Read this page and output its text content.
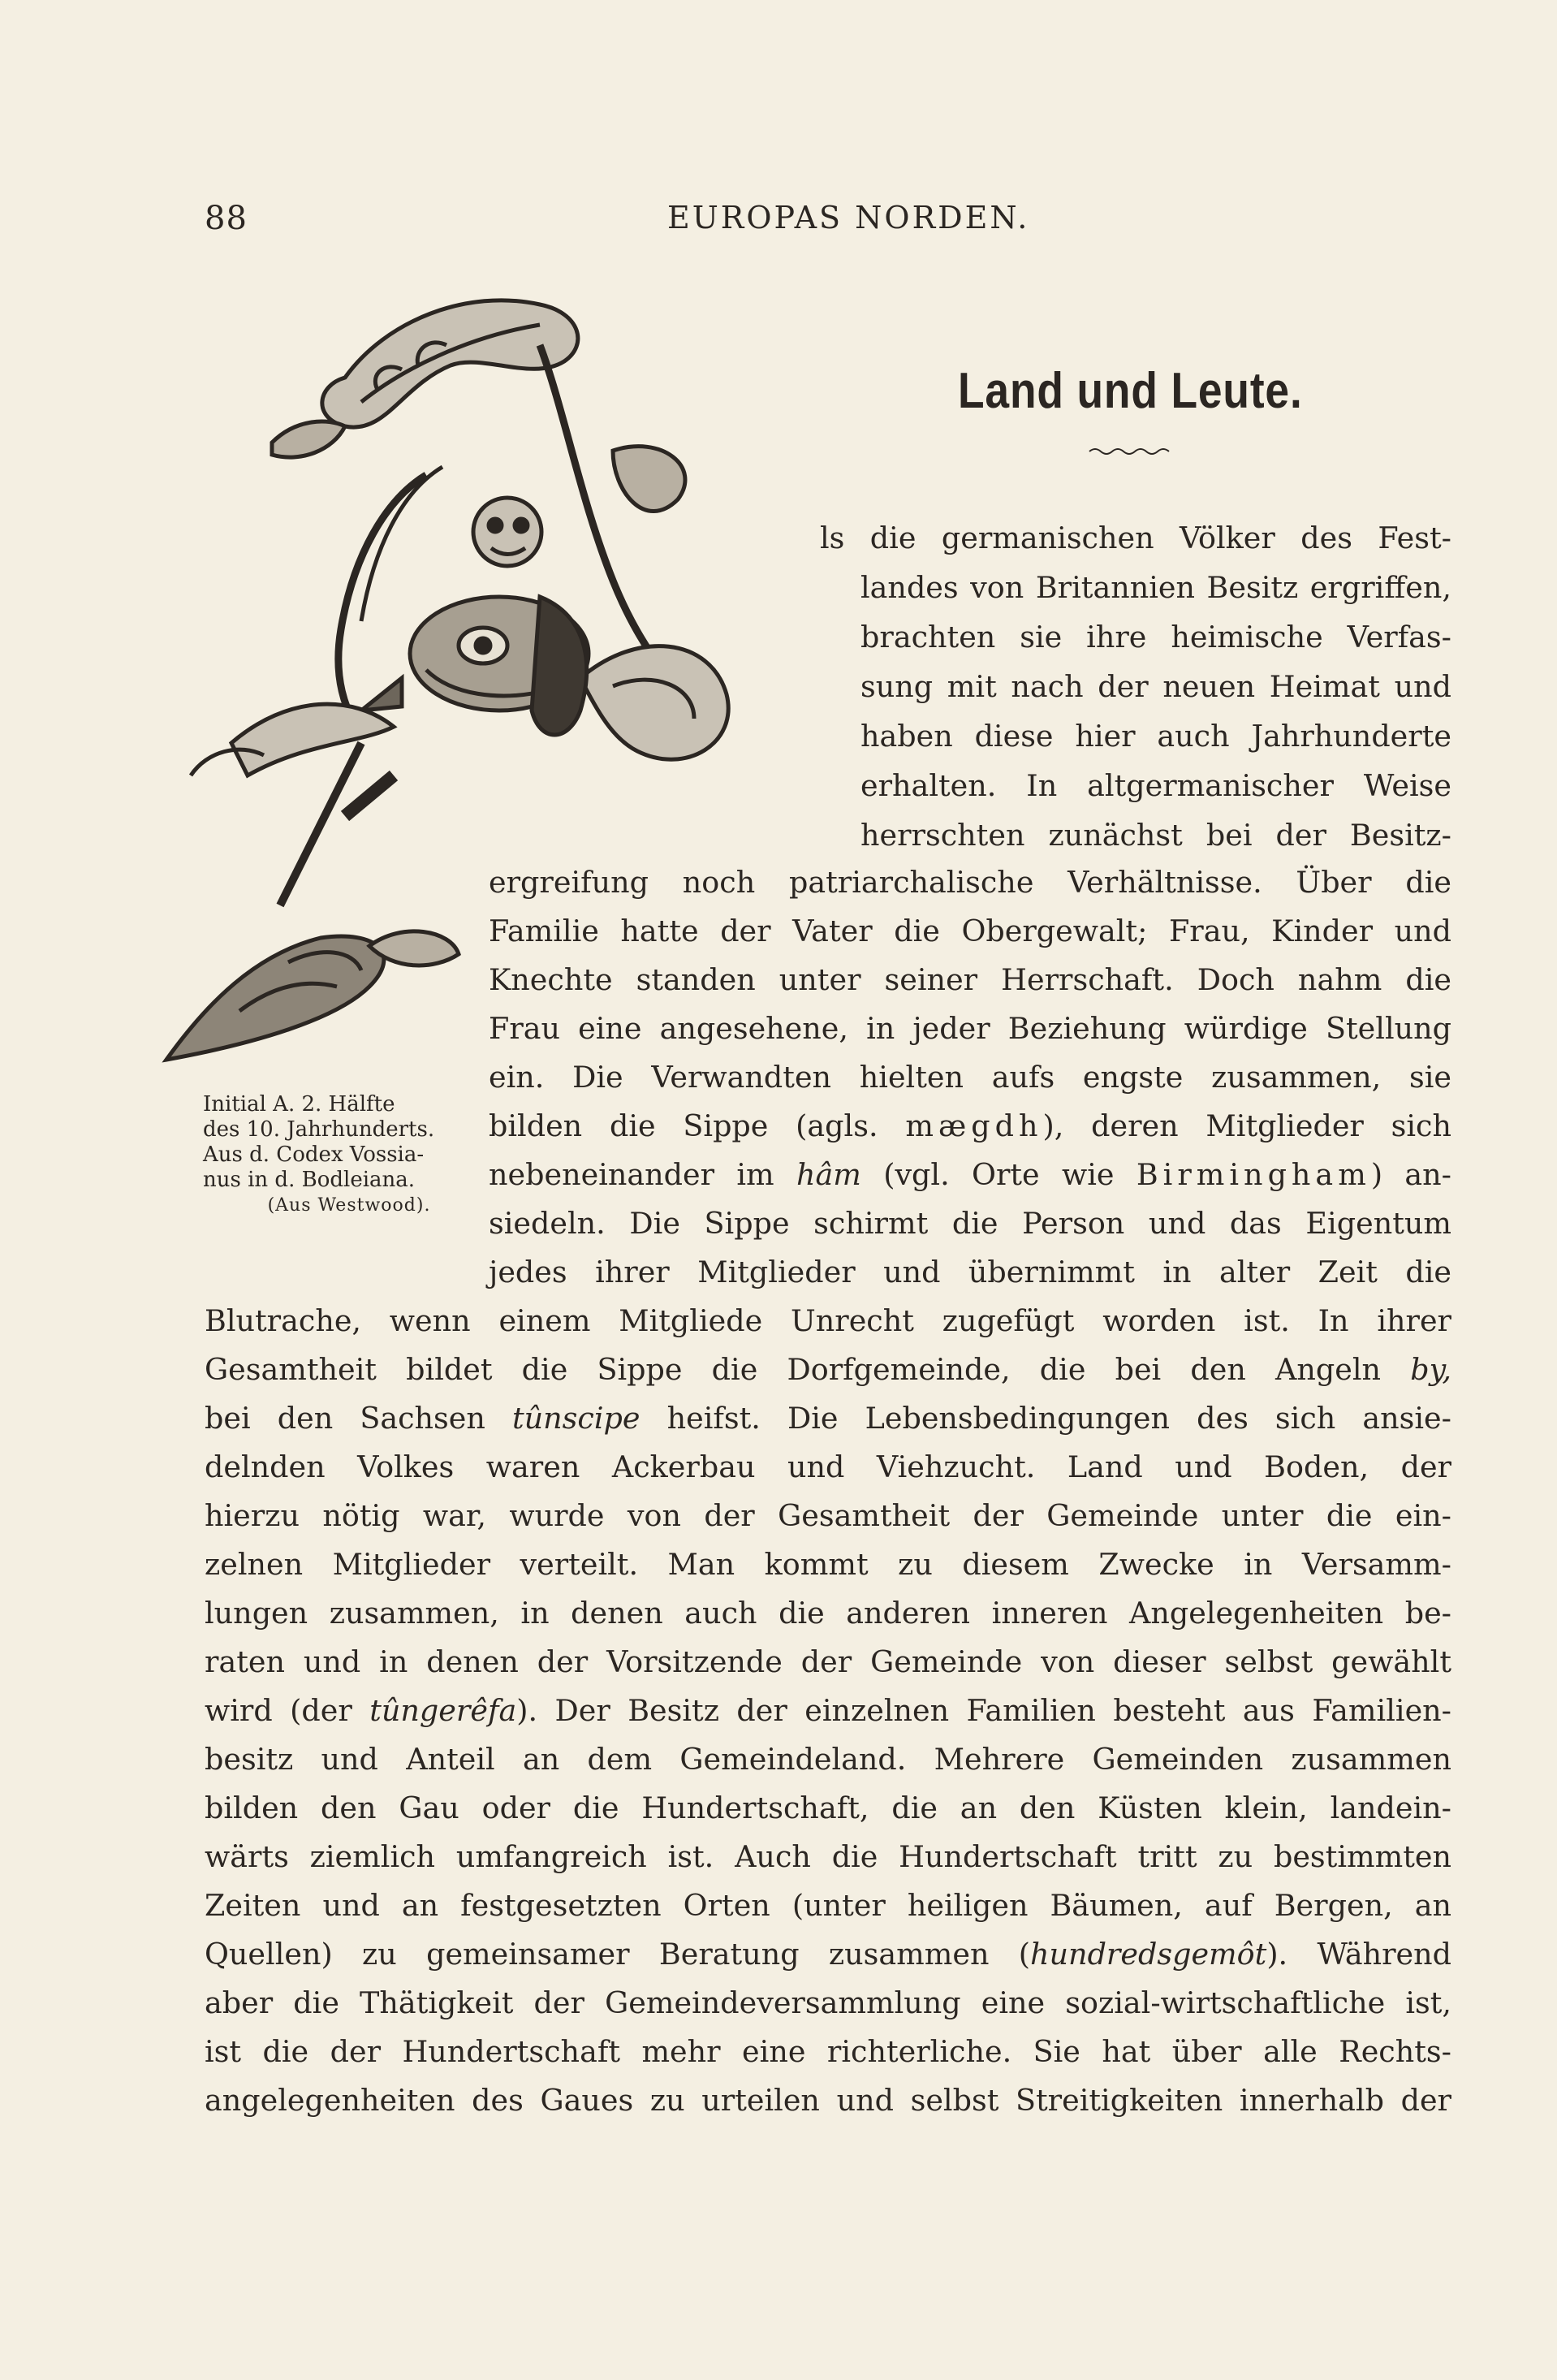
88	EUROPAS NORDEN.
Land und Leute.
Initial A. 2. Hälfte
des 10. Jahrhunderts.
Aus d. Codex Vossia-
nus in d. Bodleiana.
(Aus Westwood).
ls die germanischen Völker des Fest-
landes von Britannien Besitz ergriffen,
brachten sie ihre heimische Verfas-
sung mit nach der neuen Heimat und
haben diese hier auch Jahrhunderte
erhalten. In altgermanischer Weise
herrschten zunächst bei der Besitz-
ergreifung noch patriarchalische Verhältnisse. Über die
Familie hatte der Vater die Obergewalt; Frau, Kinder und
Knechte standen unter seiner Herrschaft. Doch nahm die
Frau eine angesehene, in jeder Beziehung würdige Stellung
ein. Die Verwandten hielten aufs engste zusammen, sie
bilden die Sippe (agls. mægdh), deren Mitglieder sich
nebeneinander im hâm (vgl. Orte wie Birmingham) an-
siedeln. Die Sippe schirmt die Person und das Eigentum
jedes ihrer Mitglieder und übernimmt in alter Zeit die
Blutrache, wenn einem Mitgliede Unrecht zugefügt worden ist. In ihrer
Gesamtheit bildet die Sippe die Dorfgemeinde, die bei den Angeln by,
bei den Sachsen tûnscipe heifst. Die Lebensbedingungen des sich ansie-
delnden Volkes waren Ackerbau und Viehzucht. Land und Boden, der
hierzu nötig war, wurde von der Gesamtheit der Gemeinde unter die ein-
zelnen Mitglieder verteilt. Man kommt zu diesem Zwecke in Versamm-
lungen zusammen, in denen auch die anderen inneren Angelegenheiten be-
raten und in denen der Vorsitzende der Gemeinde von dieser selbst gewählt
wird (der tûngerêfa). Der Besitz der einzelnen Familien besteht aus Familien-
besitz und Anteil an dem Gemeindeland. Mehrere Gemeinden zusammen
bilden den Gau oder die Hundertschaft, die an den Küsten klein, landein-
wärts ziemlich umfangreich ist. Auch die Hundertschaft tritt zu bestimmten
Zeiten und an festgesetzten Orten (unter heiligen Bäumen, auf Bergen, an
Quellen) zu gemeinsamer Beratung zusammen (hundredsgemôt). Während
aber die Thätigkeit der Gemeindeversammlung eine sozial-wirtschaftliche ist,
ist die der Hundertschaft mehr eine richterliche. Sie hat über alle Rechts-
angelegenheiten des Gaues zu urteilen und selbst Streitigkeiten innerhalb der
